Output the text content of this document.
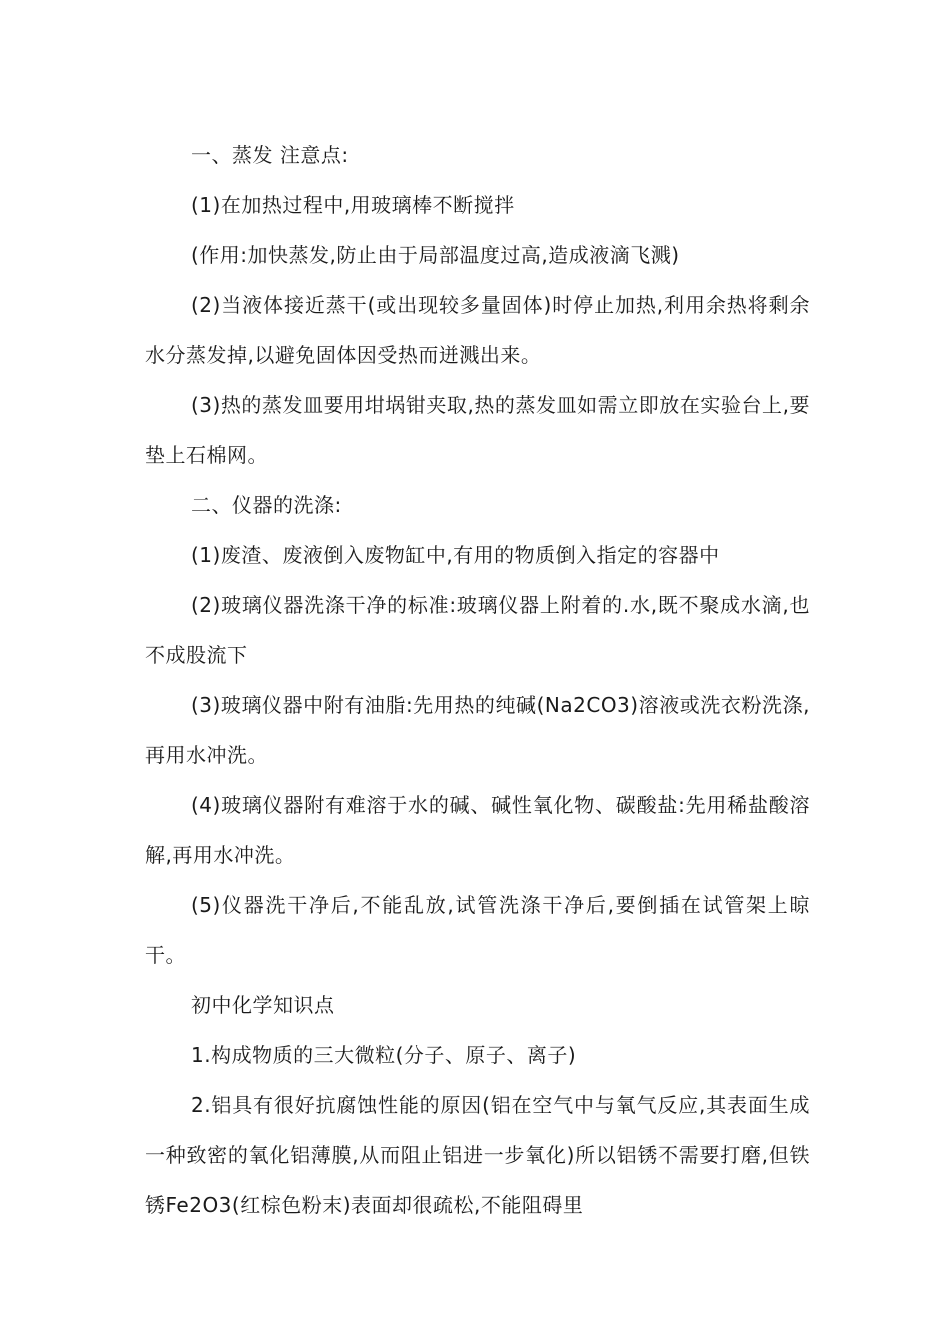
一、蒸发 注意点:

(1)在加热过程中,用玻璃棒不断搅拌

(作用:加快蒸发,防止由于局部温度过高,造成液滴飞溅)

(2)当液体接近蒸干(或出现较多量固体)时停止加热,利用余热将剩余水分蒸发掉,以避免固体因受热而迸溅出来。

(3)热的蒸发皿要用坩埚钳夹取,热的蒸发皿如需立即放在实验台上,要垫上石棉网。

二、仪器的洗涤:

(1)废渣、废液倒入废物缸中,有用的物质倒入指定的容器中

(2)玻璃仪器洗涤干净的标准:玻璃仪器上附着的.水,既不聚成水滴,也不成股流下

(3)玻璃仪器中附有油脂:先用热的纯碱(Na2CO3)溶液或洗衣粉洗涤,再用水冲洗。

(4)玻璃仪器附有难溶于水的碱、碱性氧化物、碳酸盐:先用稀盐酸溶解,再用水冲洗。

(5)仪器洗干净后,不能乱放,试管洗涤干净后,要倒插在试管架上晾干。

初中化学知识点

1.构成物质的三大微粒(分子、原子、离子)

2.铝具有很好抗腐蚀性能的原因(铝在空气中与氧气反应,其表面生成一种致密的氧化铝薄膜,从而阻止铝进一步氧化)所以铝锈不需要打磨,但铁锈Fe2O3(红棕色粉末)表面却很疏松,不能阻碍里
